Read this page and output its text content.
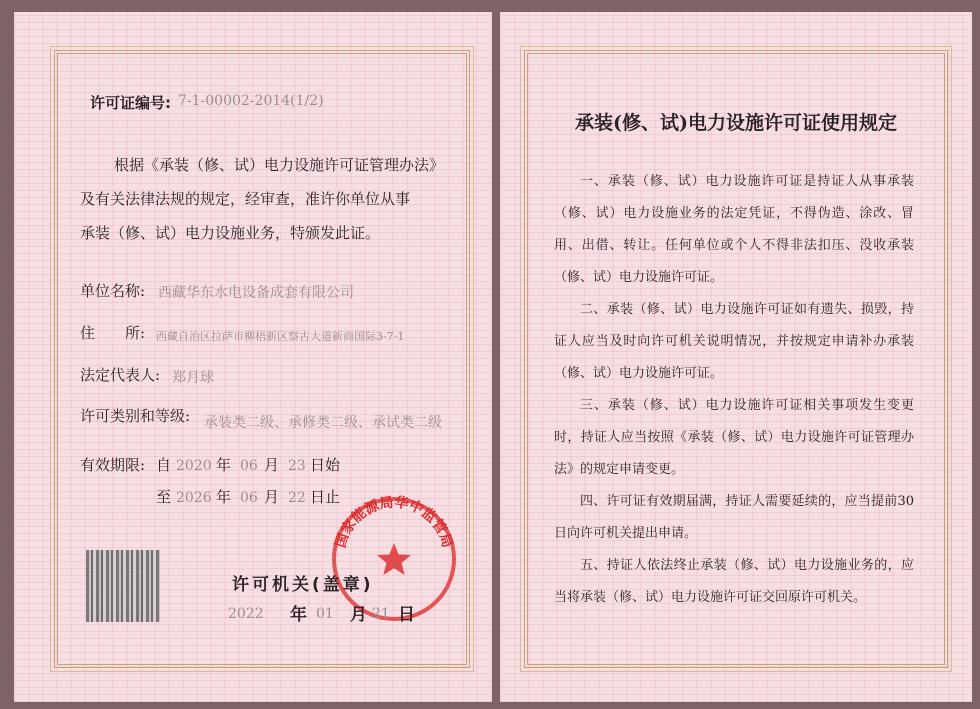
承装(修、试)电力设施许可证使用规定

一、承装（修、试）电力设施许可证是持证人从事承装（修、试）电力设施业务的法定凭证，不得伪造、涂改、冒用、出借、转让。任何单位或个人不得非法扣压、没收承装（修、试）电力设施许可证。

二、承装（修、试）电力设施许可证如有遗失、损毁，持证人应当及时向许可机关说明情况，并按规定申请补办承装（修、试）电力设施许可证。

三、承装（修、试）电力设施许可证相关事项发生变更时，持证人应当按照《承装（修、试）电力设施许可证管理办法》的规定申请变更。

四、许可证有效期届满，持证人需要延续的，应当提前30日向许可机关提出申请。

五、持证人依法终止承装（修、试）电力设施业务的，应当将承装（修、试）电力设施许可证交回原许可机关。

许可证编号: 7-1-00002-2014(1/2)
根据《承装（修、试）电力设施许可证管理办法》
及有关法律法规的规定，经审查，准许你单位从事
承装（修、试）电力设施业务，特颁发此证。
单位名称: 西藏华东水电设备成套有限公司
住　　所: 西藏自治区拉萨市柳梧新区察古大道新商国际3-7-1
法定代表人: 郑月球
许可类别和等级: 承装类二级、承修类二级、承试类二级
有效期限: 自 2020 年 06 月 23 日始
至 2026 年 06 月 22 日止
国家能源局华中监管局
许可机关(盖章)
2022 年 01 月 21 日
